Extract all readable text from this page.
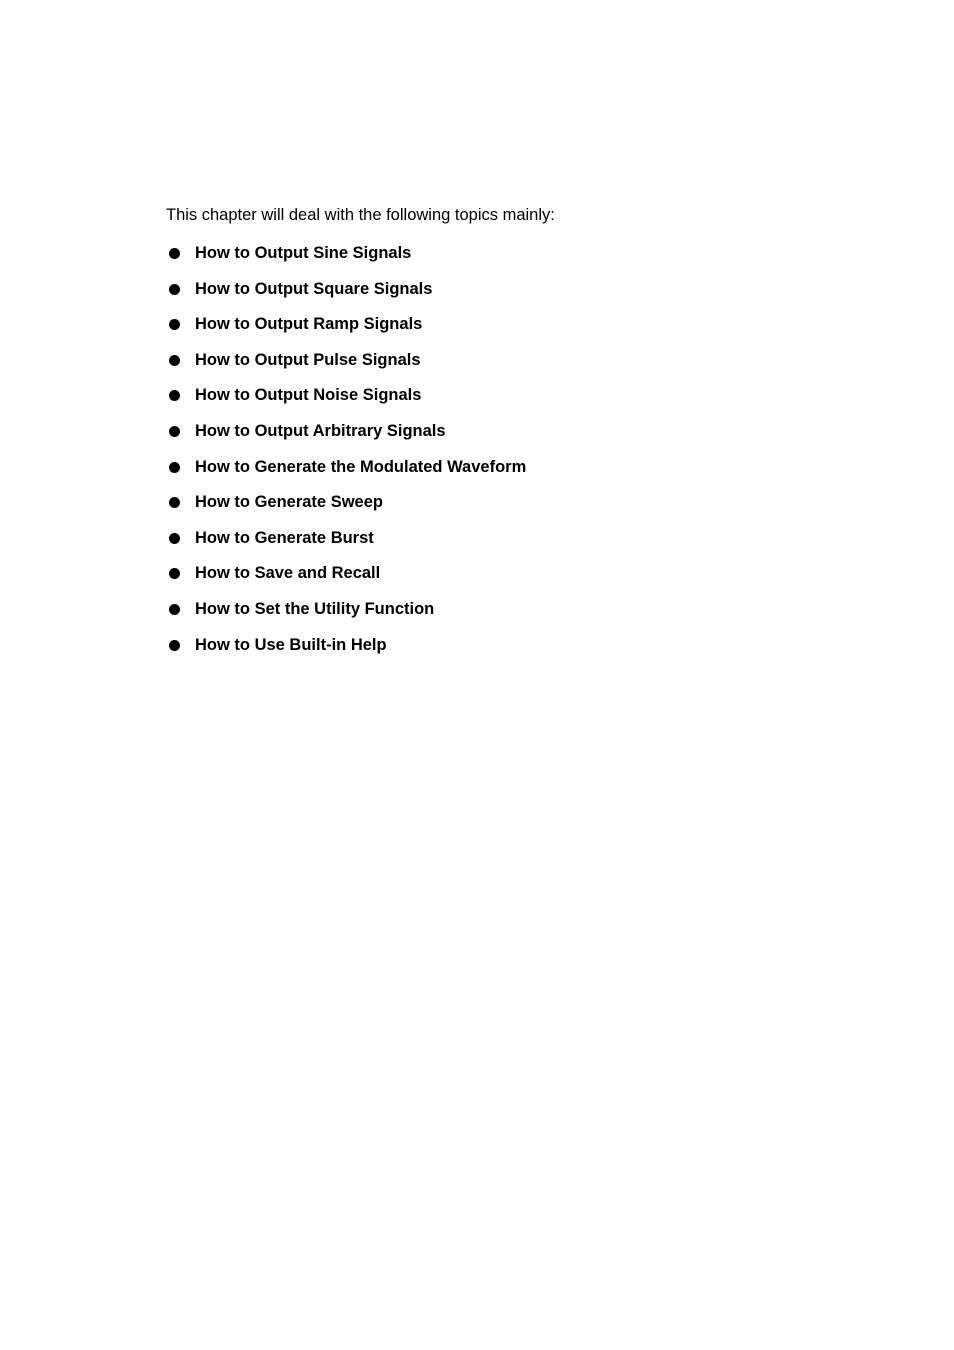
This chapter will deal with the following topics mainly:

How to Output Sine Signals
How to Output Square Signals
How to Output Ramp Signals
How to Output Pulse Signals
How to Output Noise Signals
How to Output Arbitrary Signals
How to Generate the Modulated Waveform
How to Generate Sweep
How to Generate Burst
How to Save and Recall
How to Set the Utility Function
How to Use Built-in Help
